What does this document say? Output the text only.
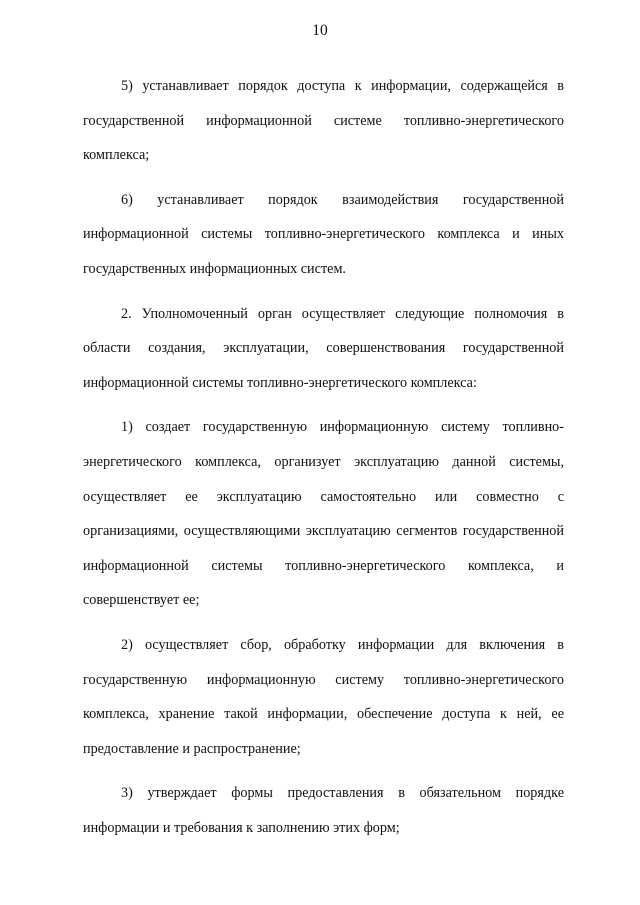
10

5) устанавливает порядок доступа к информации, содержащейся в государственной информационной системе топливно-энергетического комплекса;

6) устанавливает порядок взаимодействия государственной информационной системы топливно-энергетического комплекса и иных государственных информационных систем.

2. Уполномоченный орган осуществляет следующие полномочия в области создания, эксплуатации, совершенствования государственной информационной системы топливно-энергетического комплекса:

1) создает государственную информационную систему топливно-энергетического комплекса, организует эксплуатацию данной системы, осуществляет ее эксплуатацию самостоятельно или совместно с организациями, осуществляющими эксплуатацию сегментов государственной информационной системы топливно-энергетического комплекса, и совершенствует ее;

2) осуществляет сбор, обработку информации для включения в государственную информационную систему топливно-энергетического комплекса, хранение такой информации, обеспечение доступа к ней, ее предоставление и распространение;

3) утверждает формы предоставления в обязательном порядке информации и требования к заполнению этих форм;
